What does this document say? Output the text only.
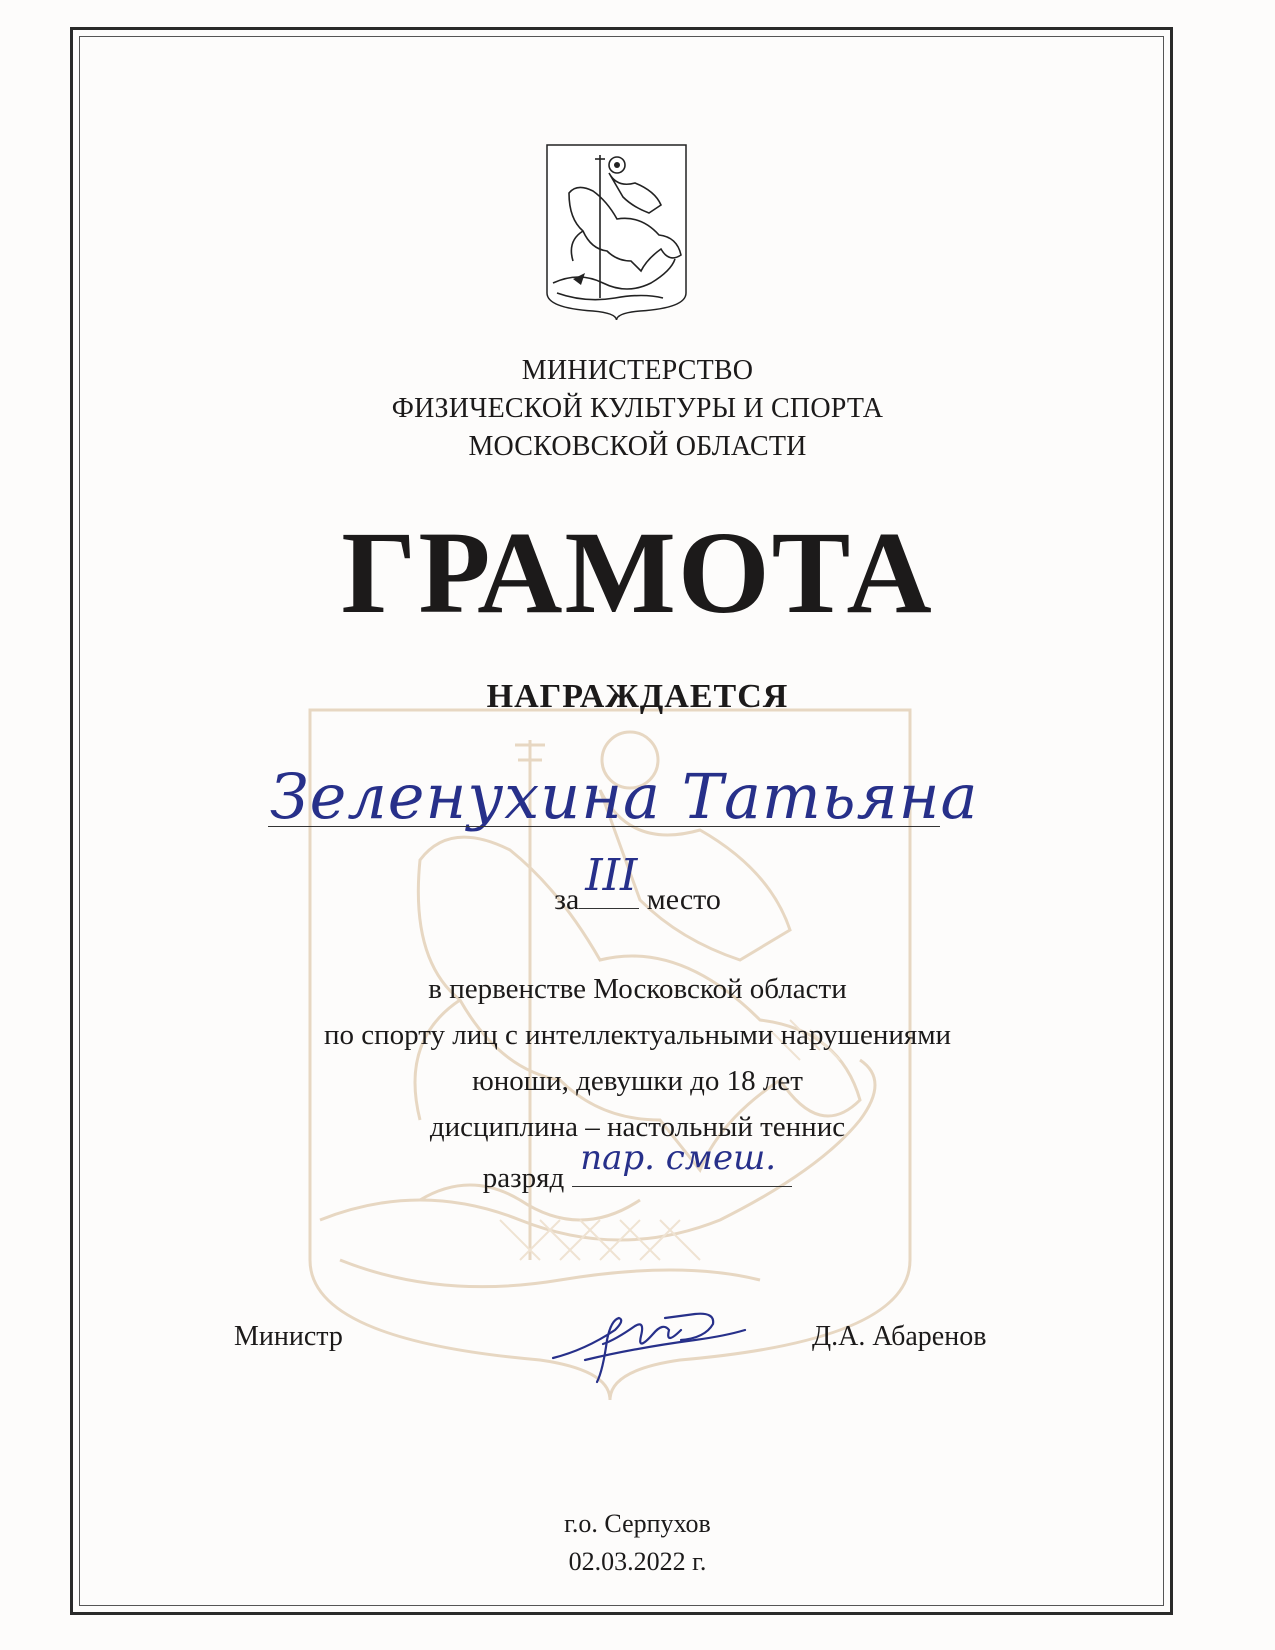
МИНИСТЕРСТВО
ФИЗИЧЕСКОЙ КУЛЬТУРЫ И СПОРТА
МОСКОВСКОЙ ОБЛАСТИ
ГРАМОТА
НАГРАЖДАЕТСЯ
Зеленухина Татьяна
за III место
в первенстве Московской области
по спорту лиц с интеллектуальными нарушениями
юноши, девушки до 18 лет
дисциплина – настольный теннис
разряд пар. смеш.
Министр	Д.А. Абаренов
г.о. Серпухов
02.03.2022 г.
